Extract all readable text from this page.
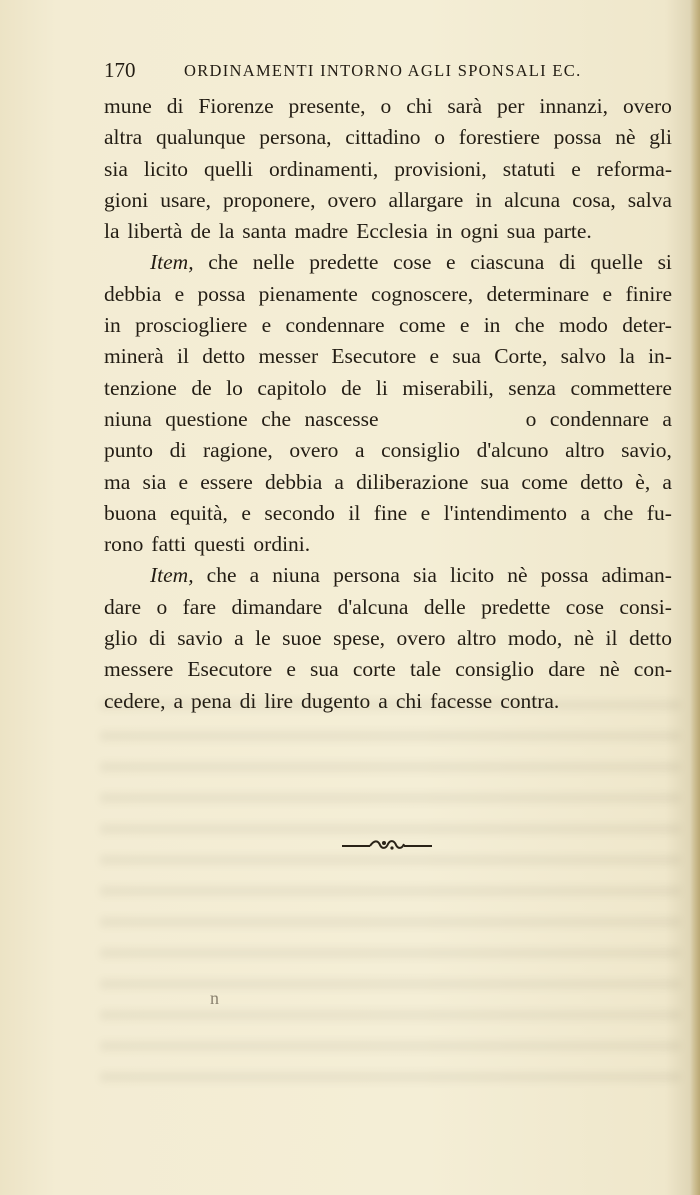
170	ORDINAMENTI INTORNO AGLI SPONSALI EC.
mune di Fiorenze presente, o chi sarà per innanzi, overo
altra qualunque persona, cittadino o forestiere possa nè gli
sia licito quelli ordinamenti, provisioni, statuti e reforma-
gioni usare, proponere, overo allargare in alcuna cosa, salva
la libertà de la santa madre Ecclesia in ogni sua parte.
Item, che nelle predette cose e ciascuna di quelle si
debbia e possa pienamente cognoscere, determinare e finire
in prosciogliere e condennare come e in che modo deter-
minerà il detto messer Esecutore e sua Corte, salvo la in-
tenzione de lo capitolo de li miserabili, senza commettere
niuna questione che nascesse	o condennare a
punto di ragione, overo a consiglio d'alcuno altro savio,
ma sia e essere debbia a diliberazione sua come detto è, a
buona equità, e secondo il fine e l'intendimento a che fu-
rono fatti questi ordini.
Item, che a niuna persona sia licito nè possa adiman-
dare o fare dimandare d'alcuna delle predette cose consi-
glio di savio a le suoe spese, overo altro modo, nè il detto
messere Esecutore e sua corte tale consiglio dare nè con-
cedere, a pena di lire dugento a chi facesse contra.
n
